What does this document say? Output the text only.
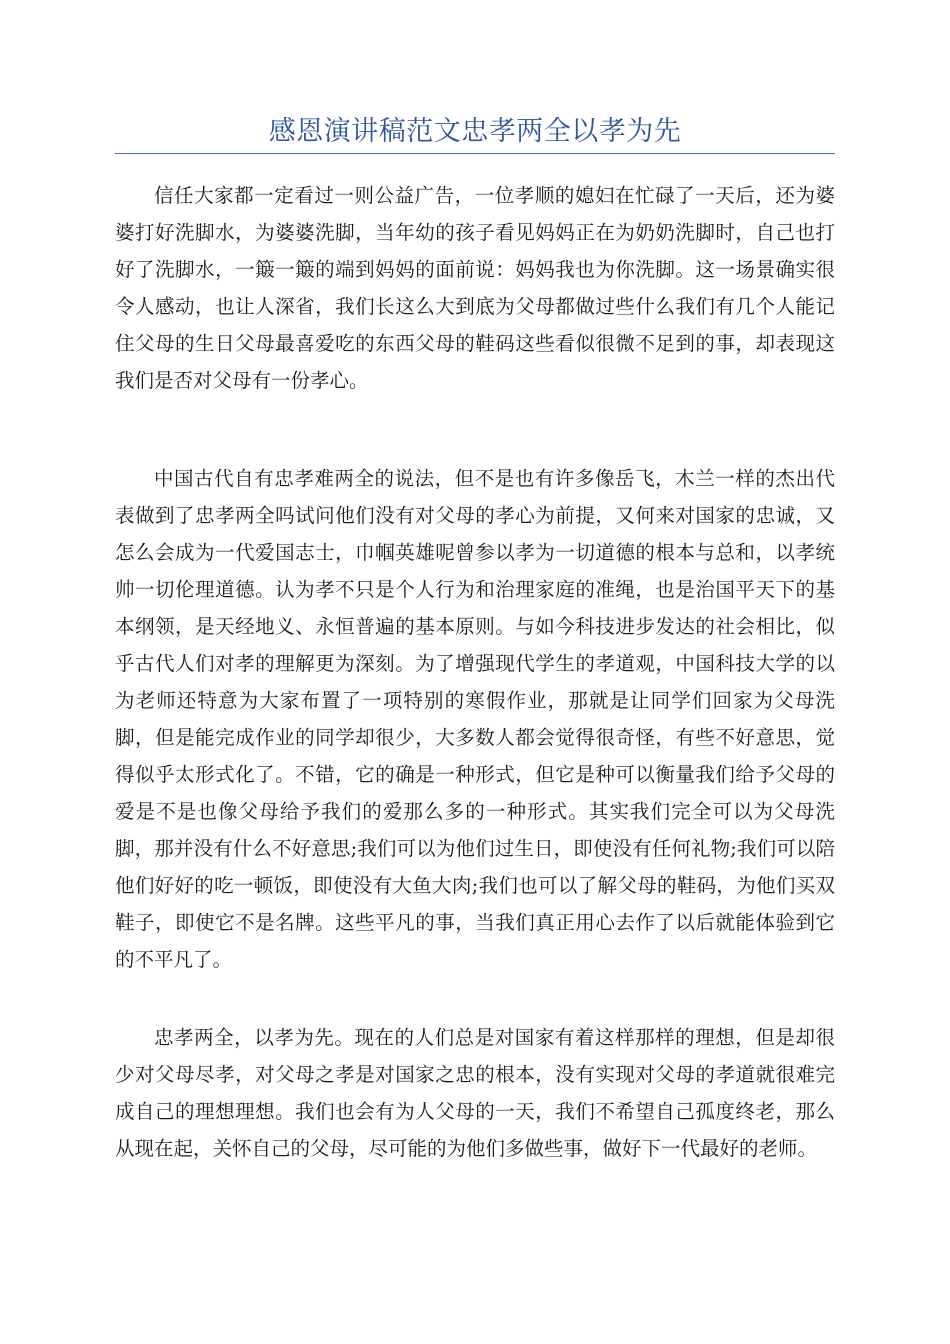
感恩演讲稿范文忠孝两全以孝为先

信任大家都一定看过一则公益广告，一位孝顺的媳妇在忙碌了一天后，还为婆婆打好洗脚水，为婆婆洗脚，当年幼的孩子看见妈妈正在为奶奶洗脚时，自己也打好了洗脚水，一簸一簸的端到妈妈的面前说：妈妈我也为你洗脚。这一场景确实很令人感动，也让人深省，我们长这么大到底为父母都做过些什么我们有几个人能记住父母的生日父母最喜爱吃的东西父母的鞋码这些看似很微不足到的事，却表现这我们是否对父母有一份孝心。

中国古代自有忠孝难两全的说法，但不是也有许多像岳飞，木兰一样的杰出代表做到了忠孝两全吗试问他们没有对父母的孝心为前提，又何来对国家的忠诚，又怎么会成为一代爱国志士，巾帼英雄呢曾参以孝为一切道德的根本与总和，以孝统帅一切伦理道德。认为孝不只是个人行为和治理家庭的准绳，也是治国平天下的基本纲领，是天经地义、永恒普遍的基本原则。与如今科技进步发达的社会相比，似乎古代人们对孝的理解更为深刻。为了增强现代学生的孝道观，中国科技大学的以为老师还特意为大家布置了一项特别的寒假作业，那就是让同学们回家为父母洗脚，但是能完成作业的同学却很少，大多数人都会觉得很奇怪，有些不好意思，觉得似乎太形式化了。不错，它的确是一种形式，但它是种可以衡量我们给予父母的爱是不是也像父母给予我们的爱那么多的一种形式。其实我们完全可以为父母洗脚，那并没有什么不好意思;我们可以为他们过生日，即使没有任何礼物;我们可以陪他们好好的吃一顿饭，即使没有大鱼大肉;我们也可以了解父母的鞋码，为他们买双鞋子，即使它不是名牌。这些平凡的事，当我们真正用心去作了以后就能体验到它的不平凡了。

忠孝两全，以孝为先。现在的人们总是对国家有着这样那样的理想，但是却很少对父母尽孝，对父母之孝是对国家之忠的根本，没有实现对父母的孝道就很难完成自己的理想理想。我们也会有为人父母的一天，我们不希望自己孤度终老，那么从现在起，关怀自己的父母，尽可能的为他们多做些事，做好下一代最好的老师。
